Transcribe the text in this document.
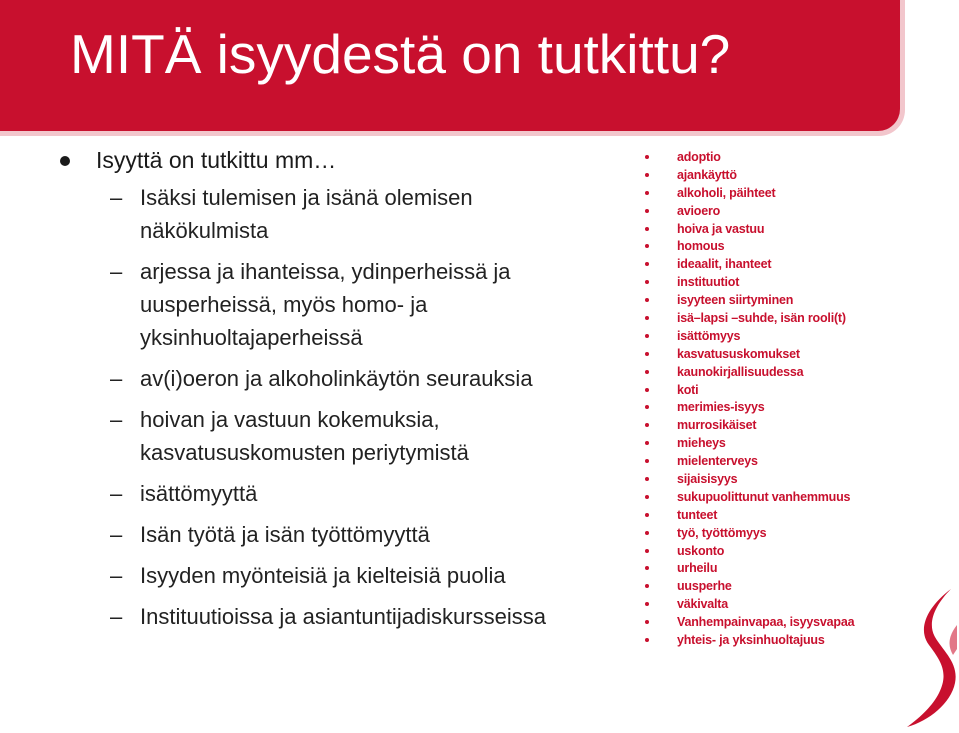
MITÄ isyydestä on tutkittu?
Isyyttä on tutkittu mm…
– Isäksi tulemisen ja isänä olemisen näkökulmista
– arjessa ja ihanteissa, ydinperheissä ja uusperheissä, myös homo- ja yksinhuoltajaperheissä
– av(i)oeron ja alkoholinkäytön seurauksia
– hoivan ja vastuun kokemuksia, kasvatususkomusten periytymistä
– isättömyyttä
– Isän työtä ja isän työttömyyttä
– Isyyden myönteisiä ja kielteisiä puolia
– Instituutioissa ja asiantuntijadiskursseissa
adoptio
ajankäyttö
alkoholi, päihteet
avioero
hoiva ja vastuu
homous
ideaalit, ihanteet
instituutiot
isyyteen siirtyminen
isä–lapsi –suhde, isän rooli(t)
isättömyys
kasvatususkomukset
kaunokirjallisuudessa
koti
merimies-isyys
murrosikäiset
mieheys
mielenterveys
sijaisisyys
sukupuolittunut vanhemmuus
tunteet
työ, työttömyys
uskonto
urheilu
uusperhe
väkivalta
Vanhempainvapaa, isyysvapaa
yhteis- ja yksinhuoltajuus
